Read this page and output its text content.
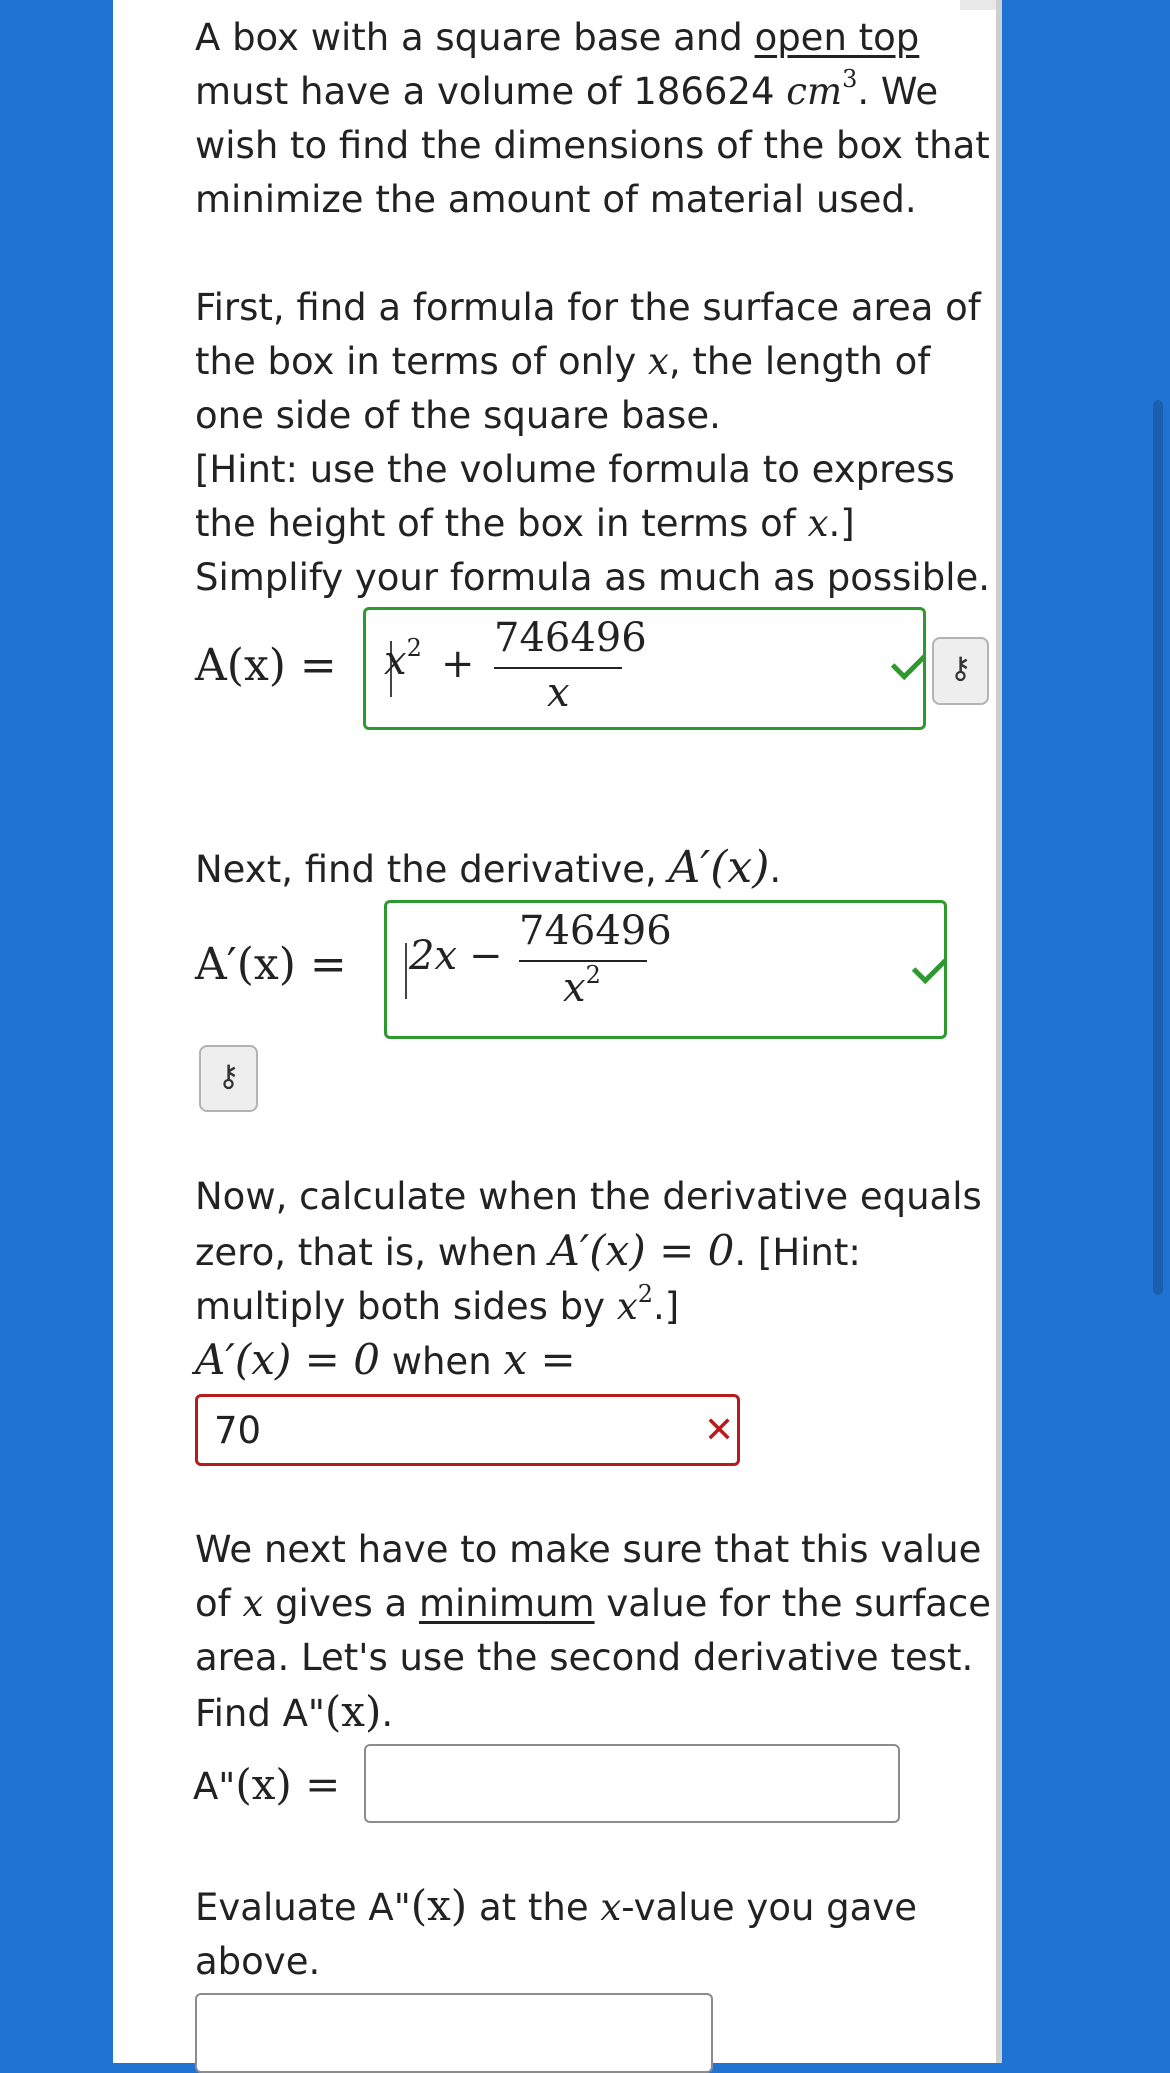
A box with a square base and open top
must have a volume of 186624 $cm^3$. We
wish to find the dimensions of the box that
minimize the amount of material used.
First, find a formula for the surface area of
the box in terms of only x, the length of
one side of the square base.
[Hint: use the volume formula to express
the height of the box in terms of x.]
Simplify your formula as much as possible.
$A(x) = x^2$ +
746496
x
⚷
Next, find the derivative, A′(x).
A′(x) = 2x −
746496
$x^2$
⚷
Now, calculate when the derivative equals
zero, that is, when A′(x) = 0. [Hint:
multiply both sides by $x^2$.]
A′(x) = 0 when x =
70	✕
We next have to make sure that this value
of x gives a minimum value for the surface
area. Let's use the second derivative test.
Find A"(x).
A"(x) =
Evaluate A"(x) at the x-value you gave
above.
